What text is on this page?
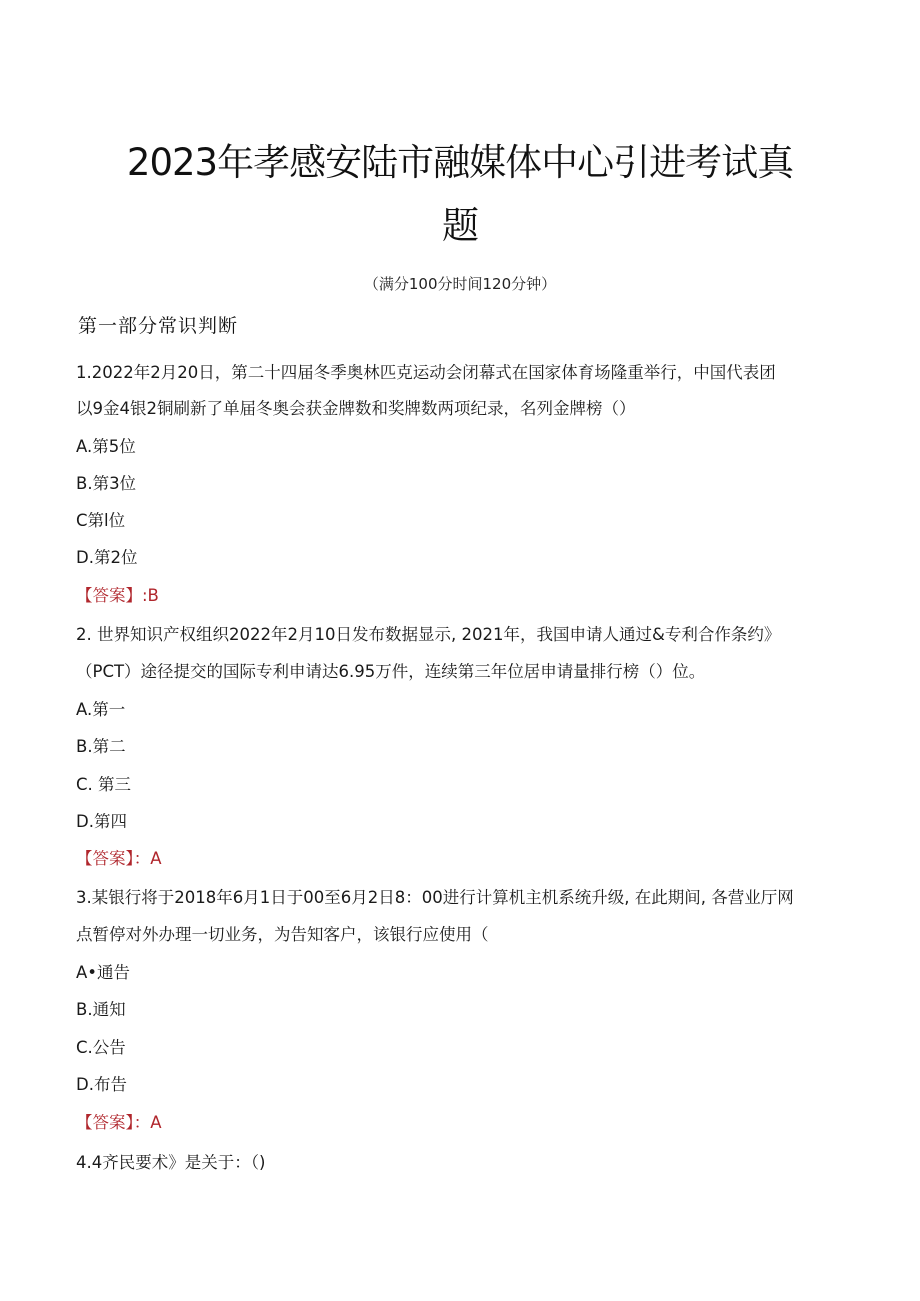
2023年孝感安陆市融媒体中心引进考试真
题
（满分100分时间120分钟）
第一部分常识判断
1.2022年2月20日，第二十四届冬季奥林匹克运动会闭幕式在国家体育场隆重举行，中国代表团
以9金4银2铜刷新了单届冬奥会获金牌数和奖牌数两项纪录，名列金牌榜（）
A.第5位
B.第3位
C第l位
D.第2位
【答案】:B
2. 世界知识产权组织2022年2月10日发布数据显示, 2021年，我国申请人通过&专利合作条约》
（PCT）途径提交的国际专利申请达6.95万件，连续第三年位居申请量排行榜（）位。
A.第一
B.第二
C. 第三
D.第四
【答案】：A
3.某银行将于2018年6月1日于00至6月2日8：00进行计算机主机系统升级, 在此期间, 各营业厅网
点暂停对外办理一切业务，为告知客户，该银行应使用（
A•通告
B.通知
C.公告
D.布告
【答案】：A
4.4齐民要术》是关于：（)
